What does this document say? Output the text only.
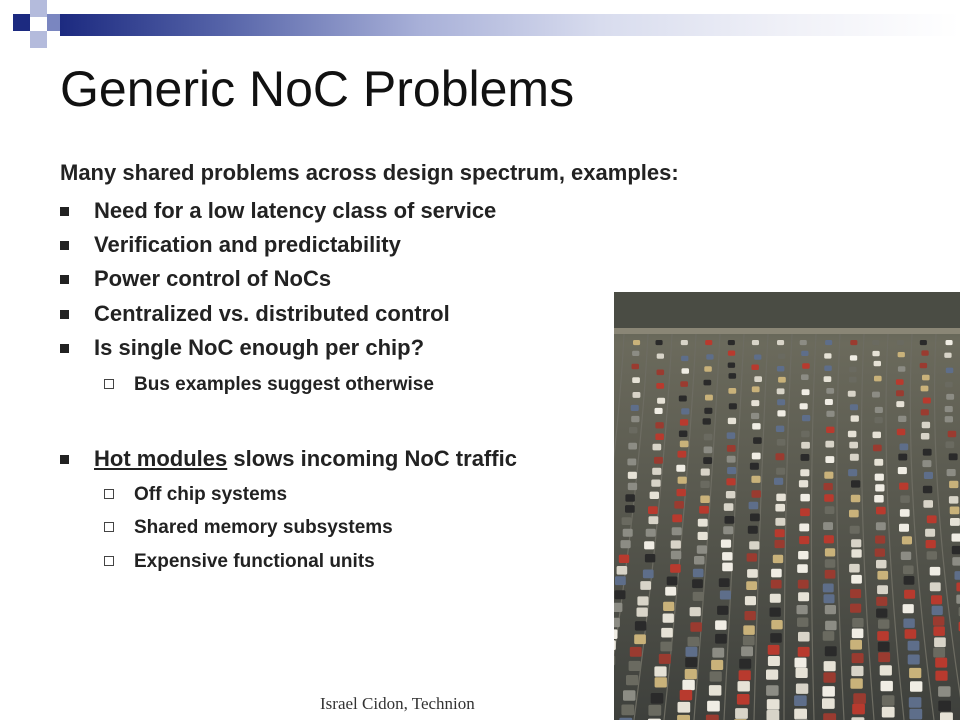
Generic NoC Problems
Many shared problems across design spectrum, examples:
Need for a low latency class of service
Verification and predictability
Power control of NoCs
Centralized vs. distributed control
Is single NoC enough per chip?
Bus examples suggest otherwise
Hot modules slows incoming NoC traffic
Off chip systems
Shared memory subsystems
Expensive functional units
Israel Cidon, Technion
